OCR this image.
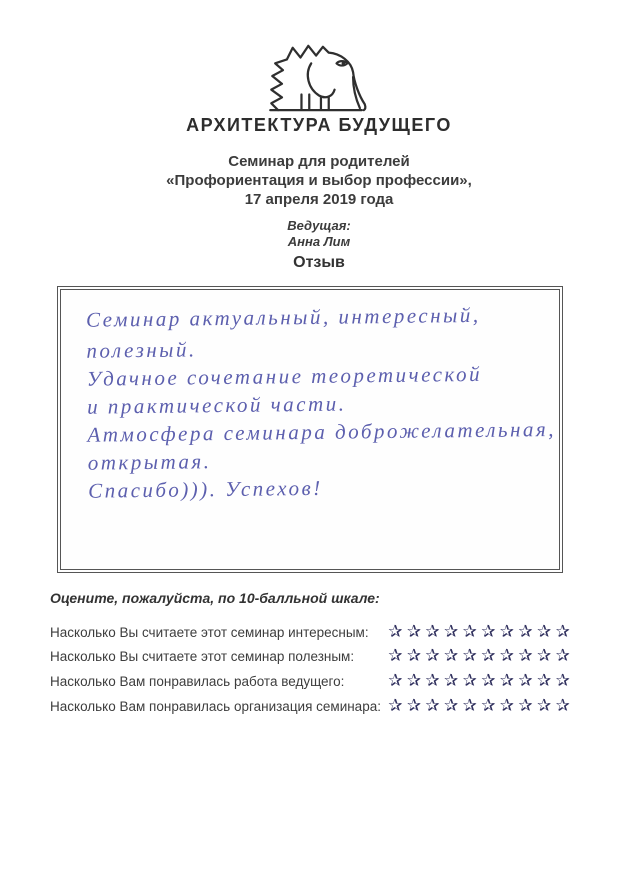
АРХИТЕКТУРА БУДУЩЕГО
Семинар для родителей
«Профориентация и выбор профессии»,
17 апреля 2019 года
Ведущая:
Анна Лим
Отзыв
Семинар актуальный, интересный,
полезный.
Удачное сочетание теоретической
и практической части.
Атмосфера семинара доброжелательная,
открытая.
Спасибо))). Успехов!
Оцените, пожалуйста, по 10-балльной шкале:
Насколько Вы считаете этот семинар интересным: ✰ ✰ ✰ ✰ ✰ ✰ ✰ ✰ ✰ ✰
Насколько Вы считаете этот семинар полезным: ✰ ✰ ✰ ✰ ✰ ✰ ✰ ✰ ✰ ✰
Насколько Вам понравилась работа ведущего:	✰ ✰ ✰ ✰ ✰ ✰ ✰ ✰ ✰ ✰
Насколько Вам понравилась организация семинара: ✰ ✰ ✰ ✰ ✰ ✰ ✰ ✰ ✰ ✰
